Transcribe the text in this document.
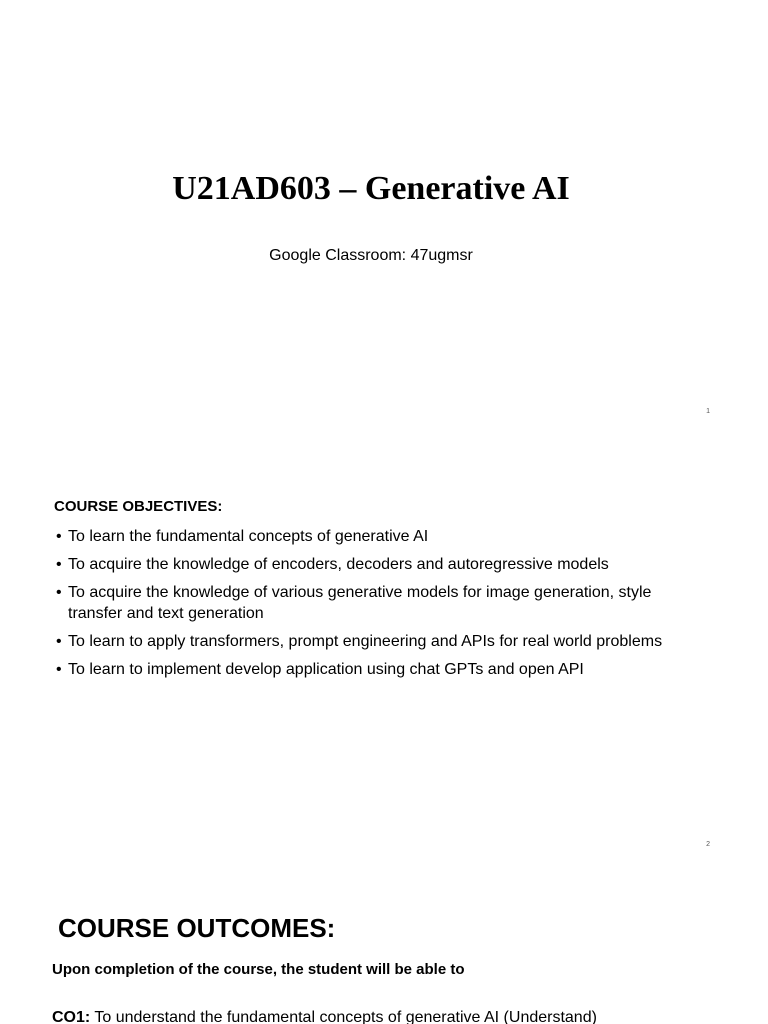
U21AD603 – Generative AI
Google Classroom: 47ugmsr
1
COURSE OBJECTIVES:
• To learn the fundamental concepts of generative AI
• To acquire the knowledge of encoders, decoders and autoregressive models
• To acquire the knowledge of various generative models for image generation, style transfer and text generation
• To learn to apply transformers, prompt engineering and APIs for real world problems
• To learn to implement develop application using chat GPTs and open API
2
COURSE OUTCOMES:
Upon completion of the course, the student will be able to
CO1: To understand the fundamental concepts of generative AI (Understand)
